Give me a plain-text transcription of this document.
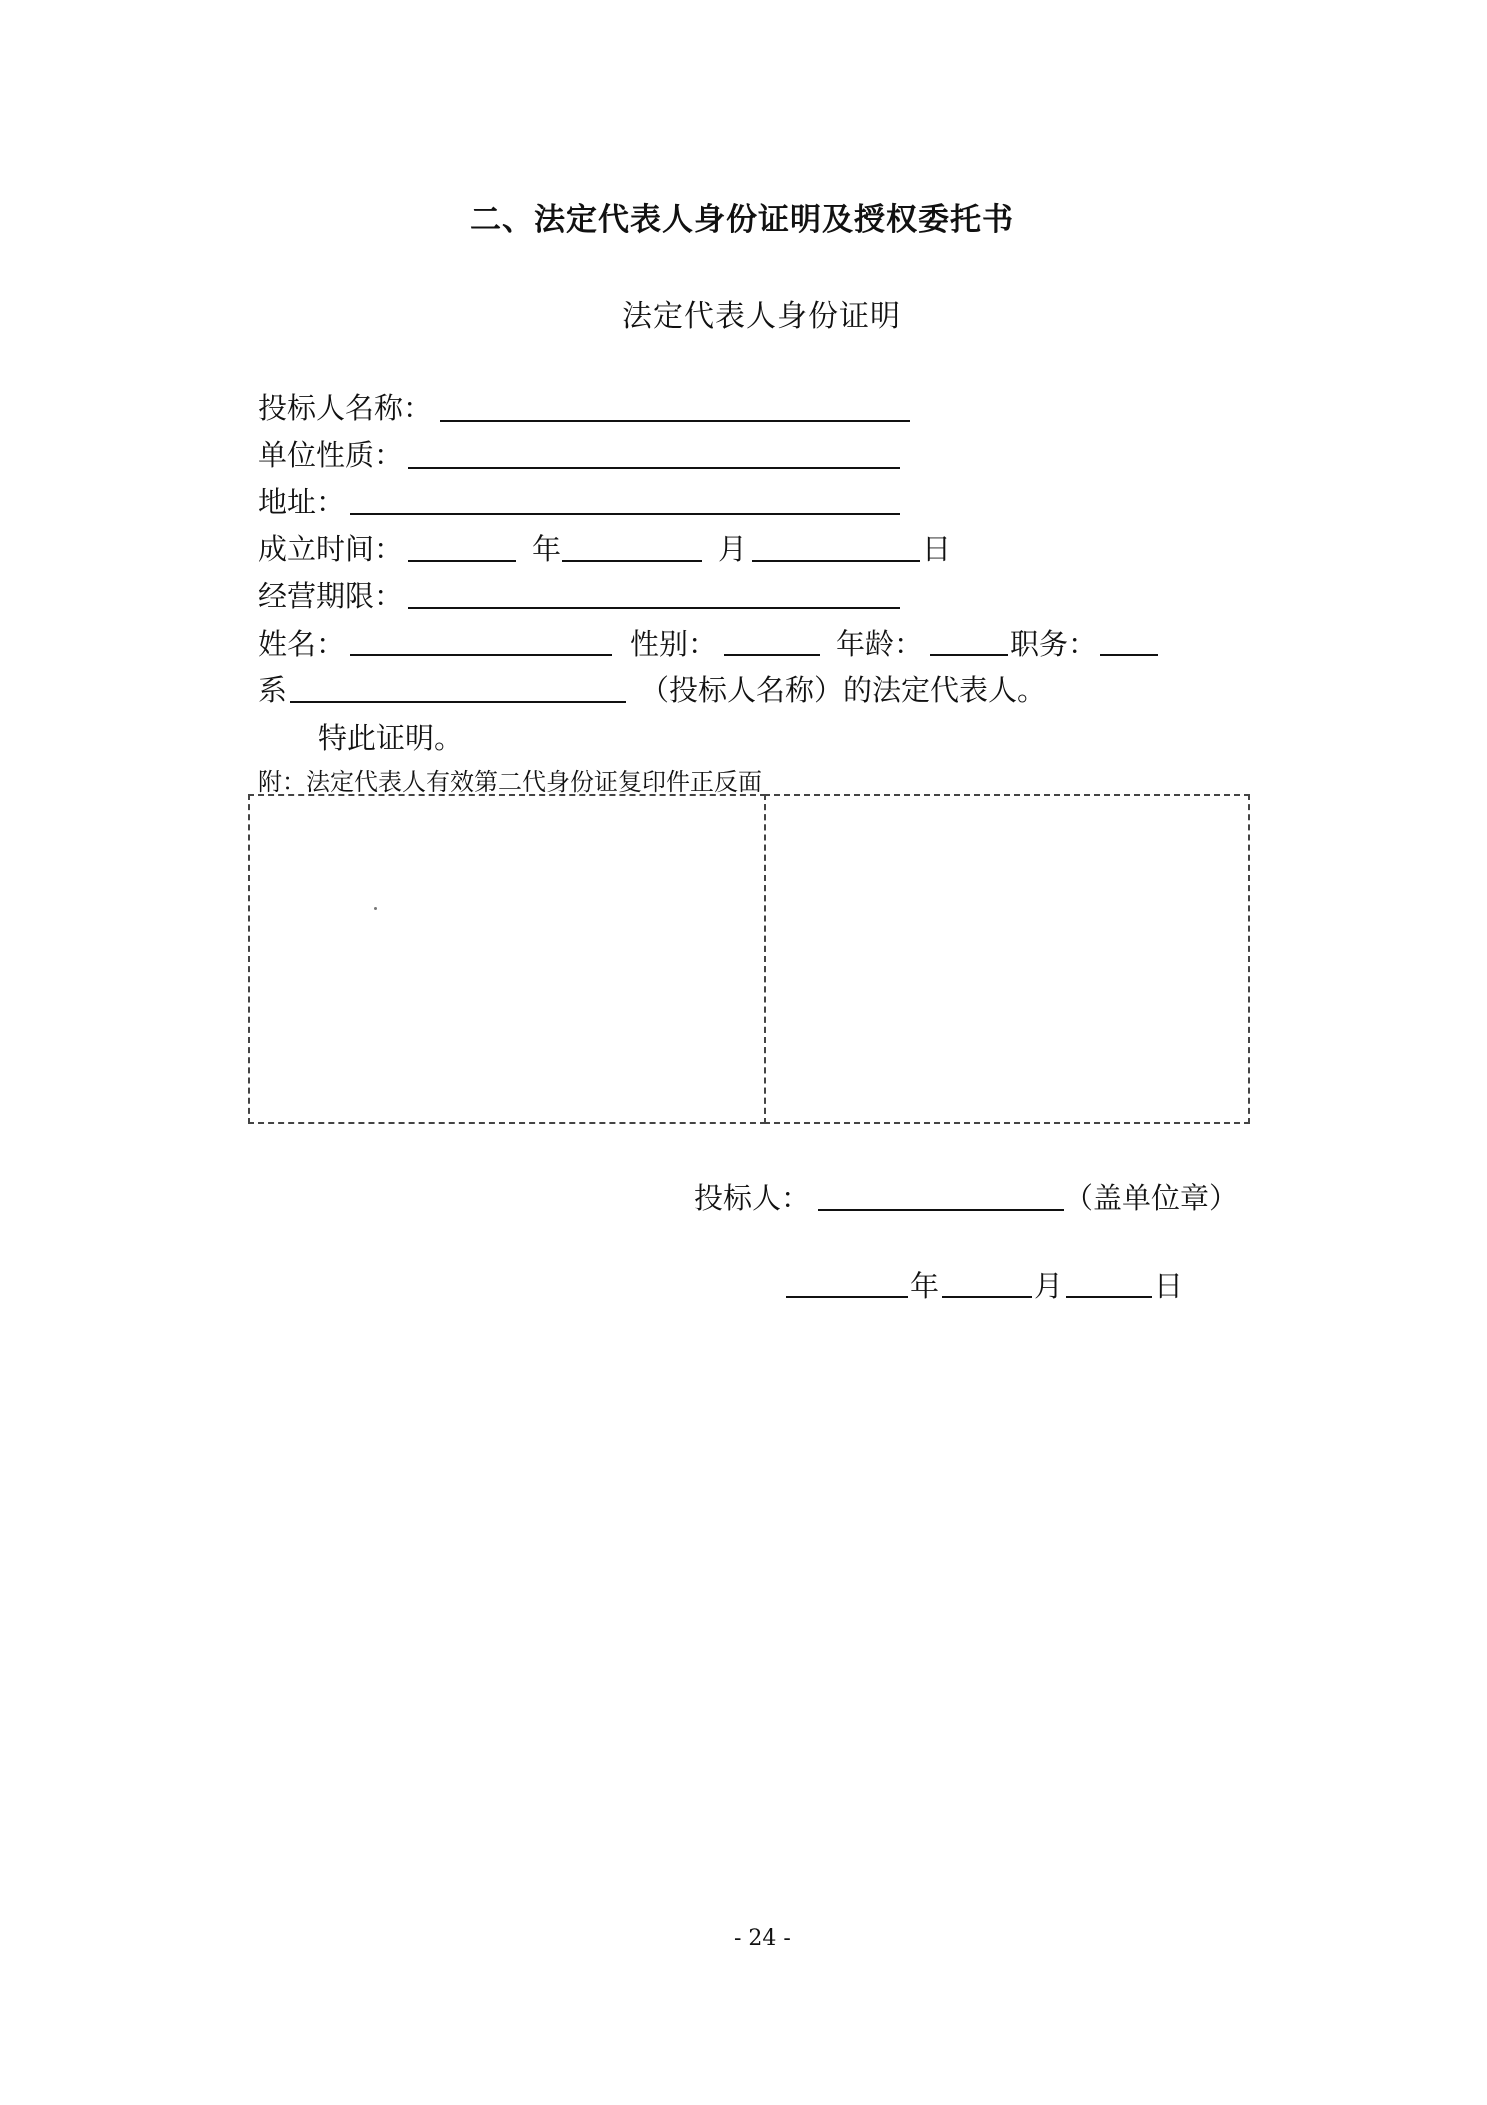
二、法定代表人身份证明及授权委托书
法定代表人身份证明
投标人名称：
单位性质：
地址：
成立时间：	年	月	日
经营期限：
姓名：	性别：	年龄：	职务：
系	（投标人名称）的法定代表人。
特此证明。
附：法定代表人有效第二代身份证复印件正反面
投标人：	（盖单位章）
年	月	日
- 24 -
